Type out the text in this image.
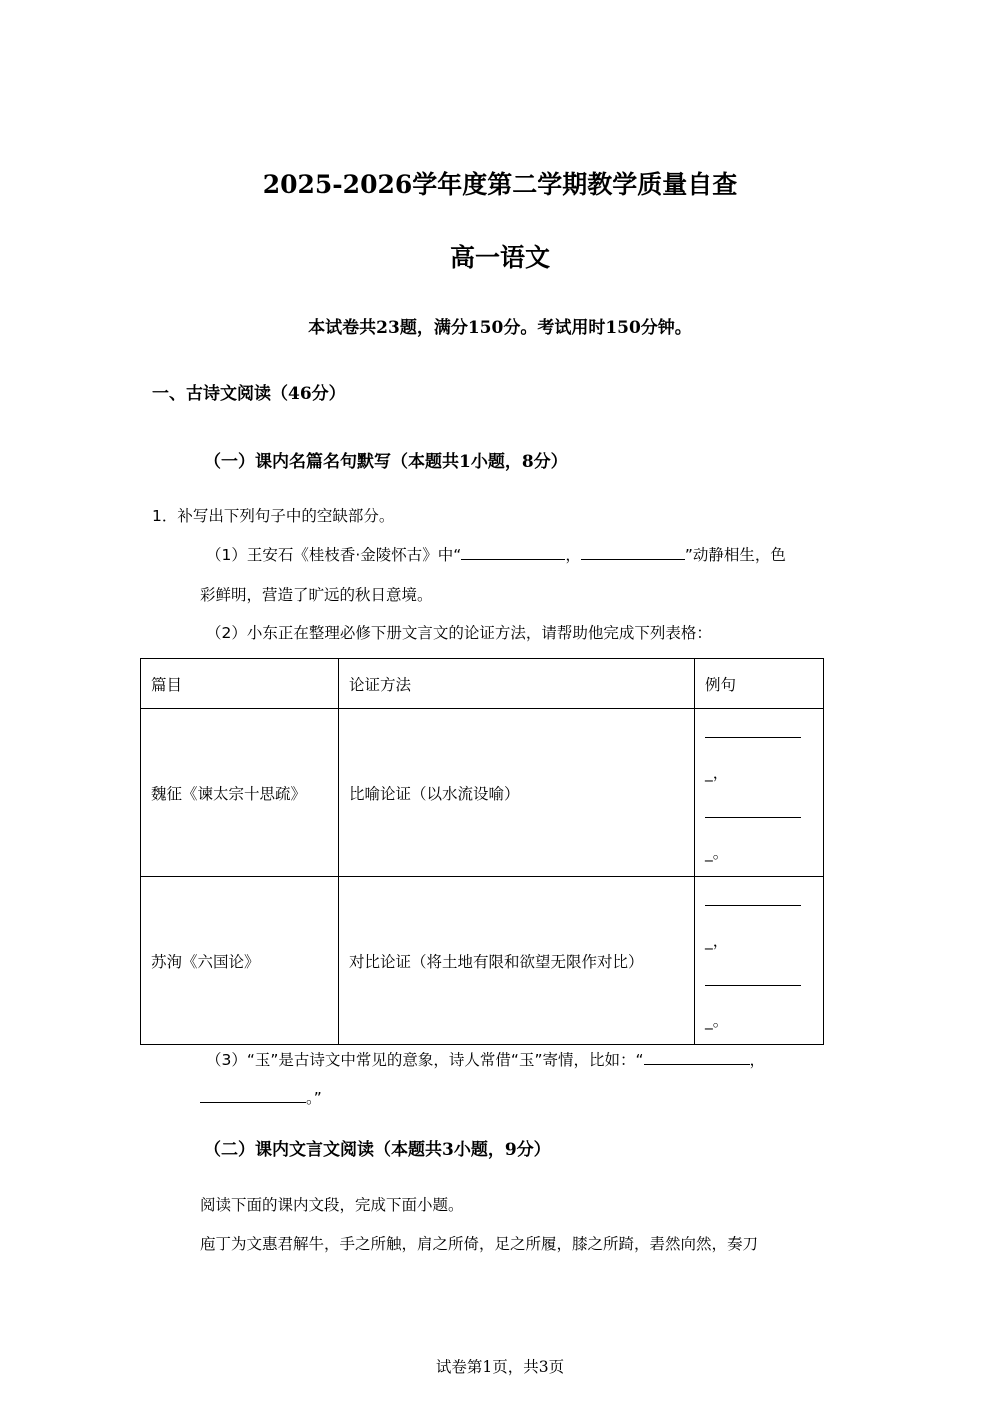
2025-2026学年度第二学期教学质量自查
高一语文
本试卷共23题，满分150分。考试用时150分钟。
一、古诗文阅读（46分）
（一）课内名篇名句默写（本题共1小题，8分）
1．补写出下列句子中的空缺部分。
（1）王安石《桂枝香·金陵怀古》中“	，	”动静相生，色
彩鲜明，营造了旷远的秋日意境。
（2）小东正在整理必修下册文言文的论证方法，请帮助他完成下列表格：
篇目	论证方法	例句
魏征《谏太宗十思疏》	比喻论证（以水流设喻）	_，
_。

苏洵《六国论》	对比论证（将土地有限和欲望无限作对比）	_，
_。
（3）“玉”是古诗文中常见的意象，诗人常借“玉”寄情，比如：“	，
。”
（二）课内文言文阅读（本题共3小题，9分）
阅读下面的课内文段，完成下面小题。
庖丁为文惠君解牛，手之所触，肩之所倚，足之所履，膝之所踦，砉然向然，奏刀
试卷第1页，共3页
